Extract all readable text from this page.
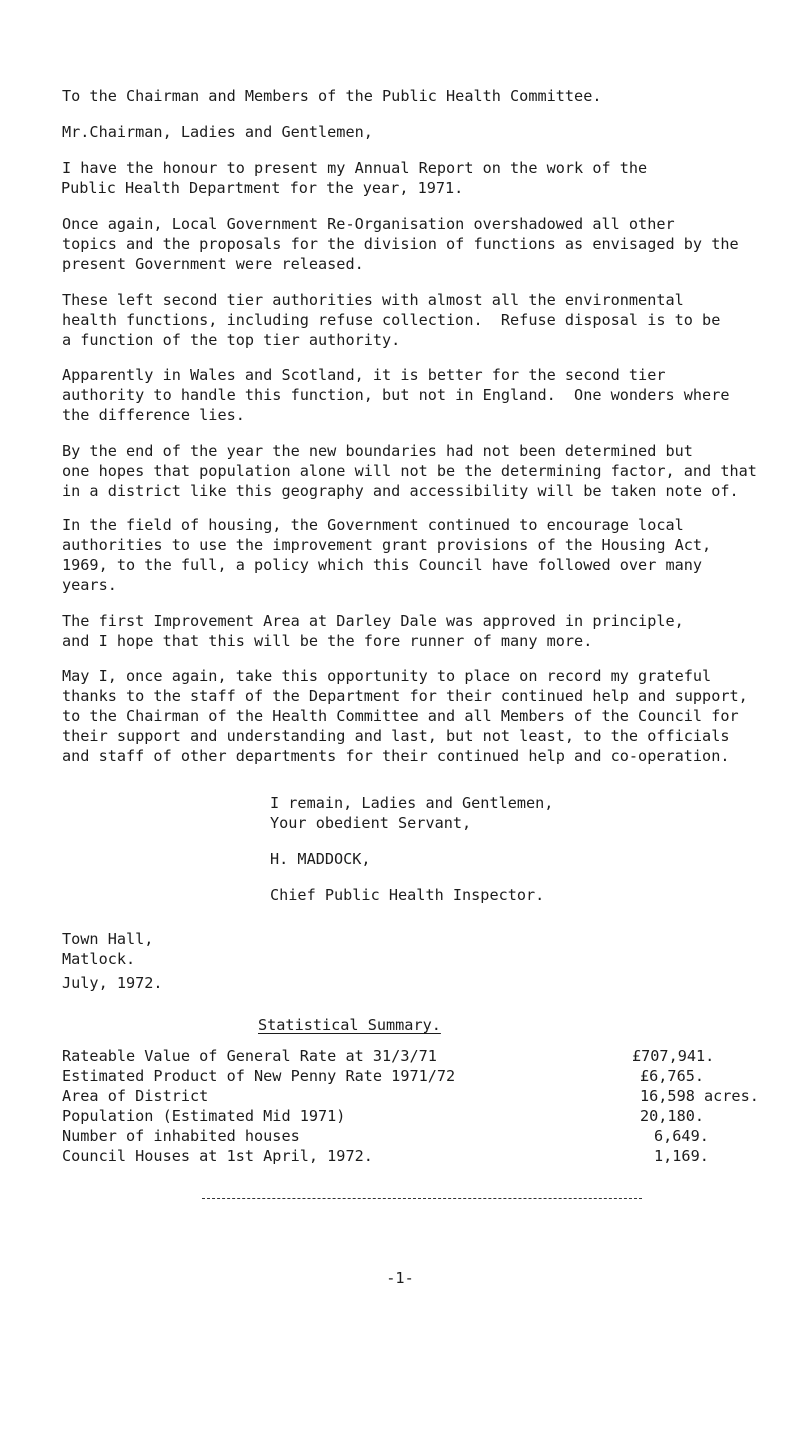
To the Chairman and Members of the Public Health Committee.
Mr.Chairman, Ladies and Gentlemen,
I have the honour to present my Annual Report on the work of the
Public Health Department for the year, 1971.
Once again, Local Government Re-Organisation overshadowed all other
topics and the proposals for the division of functions as envisaged by the
present Government were released.
These left second tier authorities with almost all the environmental
health functions, including refuse collection.  Refuse disposal is to be
a function of the top tier authority.
Apparently in Wales and Scotland, it is better for the second tier
authority to handle this function, but not in England.  One wonders where
the difference lies.
By the end of the year the new boundaries had not been determined but
one hopes that population alone will not be the determining factor, and that
in a district like this geography and accessibility will be taken note of.
In the field of housing, the Government continued to encourage local
authorities to use the improvement grant provisions of the Housing Act,
1969, to the full, a policy which this Council have followed over many
years.
The first Improvement Area at Darley Dale was approved in principle,
and I hope that this will be the fore runner of many more.
May I, once again, take this opportunity to place on record my grateful
thanks to the staff of the Department for their continued help and support,
to the Chairman of the Health Committee and all Members of the Council for
their support and understanding and last, but not least, to the officials
and staff of other departments for their continued help and co-operation.
I remain, Ladies and Gentlemen,
Your obedient Servant,
H. MADDOCK,
Chief Public Health Inspector.
Town Hall,
Matlock.
July, 1972.
Statistical Summary.
Rateable Value of General Rate at 31/3/71	£707,941.
Estimated Product of New Penny Rate 1971/72	£6,765.
Area of District	16,598 acres.
Population (Estimated Mid 1971)	20,180.
Number of inhabited houses	6,649.
Council Houses at 1st April, 1972.	1,169.
-1-
